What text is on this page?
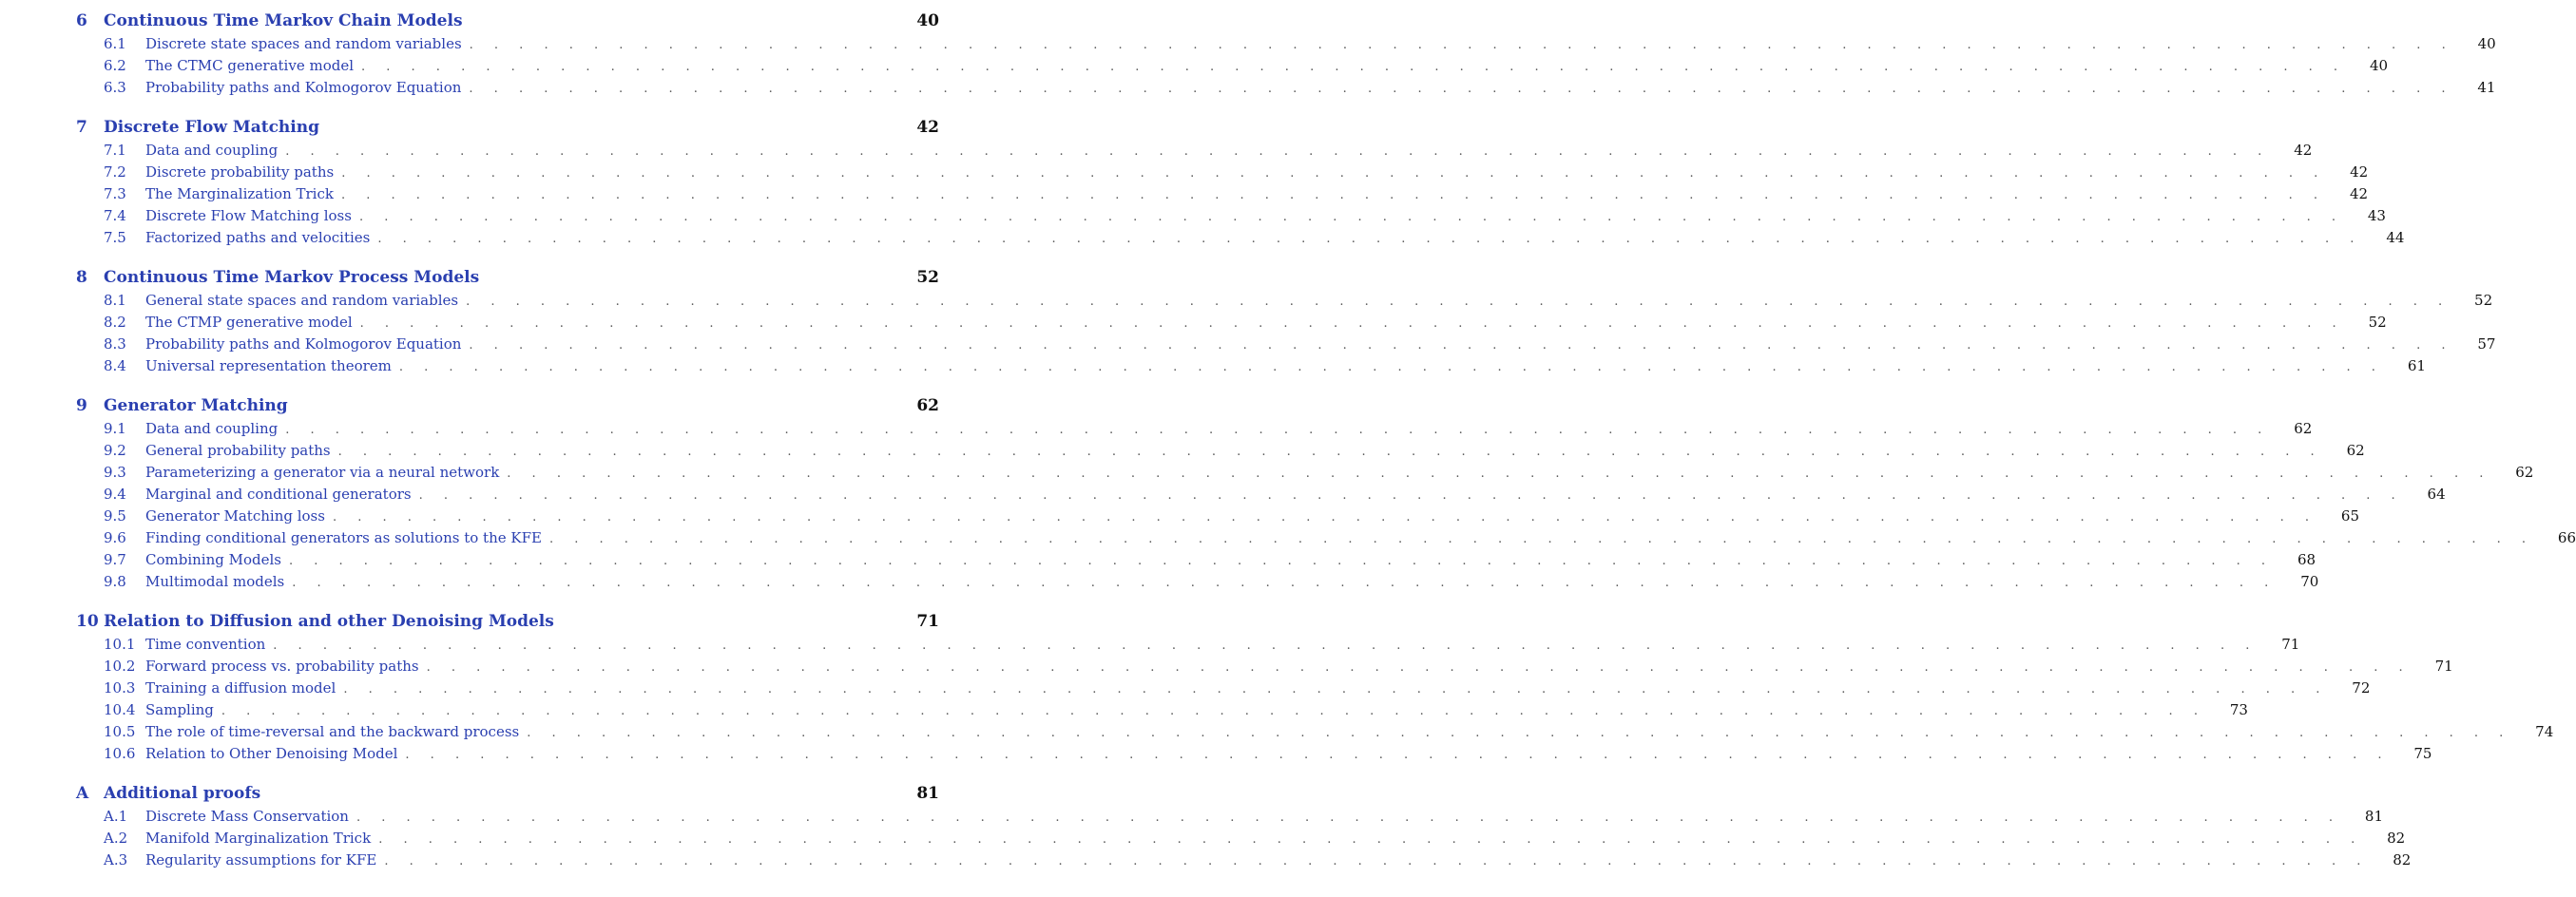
6	Continuous Time Markov Chain Models	40
6.1	Discrete state spaces and random variables . . . . . . . . . . . . . . . . . . . . . . . . . . . . . . . . . . . . . . . . . . . . . . . . . . . . . . . . . . . . . . . . . . . . . . . . . . . . . . . .	40
6.2	The CTMC generative model . . . . . . . . . . . . . . . . . . . . . . . . . . . . . . . . . . . . . . . . . . . . . . . . . . . . . . . . . . . . . . . . . . . . . . . . . . . . . . . .	40
6.3	Probability paths and Kolmogorov Equation . . . . . . . . . . . . . . . . . . . . . . . . . . . . . . . . . . . . . . . . . . . . . . . . . . . . . . . . . . . . . . . . . . . . . . . . . . . . . . . .	41
7	Discrete Flow Matching	42
7.1	Data and coupling . . . . . . . . . . . . . . . . . . . . . . . . . . . . . . . . . . . . . . . . . . . . . . . . . . . . . . . . . . . . . . . . . . . . . . . . . . . . . . . .	42
7.2	Discrete probability paths . . . . . . . . . . . . . . . . . . . . . . . . . . . . . . . . . . . . . . . . . . . . . . . . . . . . . . . . . . . . . . . . . . . . . . . . . . . . . . . .	42
7.3	The Marginalization Trick . . . . . . . . . . . . . . . . . . . . . . . . . . . . . . . . . . . . . . . . . . . . . . . . . . . . . . . . . . . . . . . . . . . . . . . . . . . . . . . .	42
7.4	Discrete Flow Matching loss . . . . . . . . . . . . . . . . . . . . . . . . . . . . . . . . . . . . . . . . . . . . . . . . . . . . . . . . . . . . . . . . . . . . . . . . . . . . . . . .	43
7.5	Factorized paths and velocities . . . . . . . . . . . . . . . . . . . . . . . . . . . . . . . . . . . . . . . . . . . . . . . . . . . . . . . . . . . . . . . . . . . . . . . . . . . . . . . .	44
8	Continuous Time Markov Process Models	52
8.1	General state spaces and random variables . . . . . . . . . . . . . . . . . . . . . . . . . . . . . . . . . . . . . . . . . . . . . . . . . . . . . . . . . . . . . . . . . . . . . . . . . . . . . . . .	52
8.2	The CTMP generative model . . . . . . . . . . . . . . . . . . . . . . . . . . . . . . . . . . . . . . . . . . . . . . . . . . . . . . . . . . . . . . . . . . . . . . . . . . . . . . . .	52
8.3	Probability paths and Kolmogorov Equation . . . . . . . . . . . . . . . . . . . . . . . . . . . . . . . . . . . . . . . . . . . . . . . . . . . . . . . . . . . . . . . . . . . . . . . . . . . . . . . .	57
8.4	Universal representation theorem . . . . . . . . . . . . . . . . . . . . . . . . . . . . . . . . . . . . . . . . . . . . . . . . . . . . . . . . . . . . . . . . . . . . . . . . . . . . . . . .	61
9	Generator Matching	62
9.1	Data and coupling . . . . . . . . . . . . . . . . . . . . . . . . . . . . . . . . . . . . . . . . . . . . . . . . . . . . . . . . . . . . . . . . . . . . . . . . . . . . . . . .	62
9.2	General probability paths . . . . . . . . . . . . . . . . . . . . . . . . . . . . . . . . . . . . . . . . . . . . . . . . . . . . . . . . . . . . . . . . . . . . . . . . . . . . . . . .	62
9.3	Parameterizing a generator via a neural network . . . . . . . . . . . . . . . . . . . . . . . . . . . . . . . . . . . . . . . . . . . . . . . . . . . . . . . . . . . . . . . . . . . . . . . . . . . . . . . .	62
9.4	Marginal and conditional generators . . . . . . . . . . . . . . . . . . . . . . . . . . . . . . . . . . . . . . . . . . . . . . . . . . . . . . . . . . . . . . . . . . . . . . . . . . . . . . . .	64
9.5	Generator Matching loss . . . . . . . . . . . . . . . . . . . . . . . . . . . . . . . . . . . . . . . . . . . . . . . . . . . . . . . . . . . . . . . . . . . . . . . . . . . . . . . .	65
9.6	Finding conditional generators as solutions to the KFE . . . . . . . . . . . . . . . . . . . . . . . . . . . . . . . . . . . . . . . . . . . . . . . . . . . . . . . . . . . . . . . . . . . . . . . . . . . . . . . .	66
9.7	Combining Models . . . . . . . . . . . . . . . . . . . . . . . . . . . . . . . . . . . . . . . . . . . . . . . . . . . . . . . . . . . . . . . . . . . . . . . . . . . . . . . .	68
9.8	Multimodal models . . . . . . . . . . . . . . . . . . . . . . . . . . . . . . . . . . . . . . . . . . . . . . . . . . . . . . . . . . . . . . . . . . . . . . . . . . . . . . . .	70
10 Relation to Diffusion and other Denoising Models	71
10.1 Time convention . . . . . . . . . . . . . . . . . . . . . . . . . . . . . . . . . . . . . . . . . . . . . . . . . . . . . . . . . . . . . . . . . . . . . . . . . . . . . . . .	71
10.2 Forward process vs. probability paths . . . . . . . . . . . . . . . . . . . . . . . . . . . . . . . . . . . . . . . . . . . . . . . . . . . . . . . . . . . . . . . . . . . . . . . . . . . . . . . .	71
10.3 Training a diffusion model . . . . . . . . . . . . . . . . . . . . . . . . . . . . . . . . . . . . . . . . . . . . . . . . . . . . . . . . . . . . . . . . . . . . . . . . . . . . . . . .	72
10.4 Sampling . . . . . . . . . . . . . . . . . . . . . . . . . . . . . . . . . . . . . . . . . . . . . . . . . . . . . . . . . . . . . . . . . . . . . . . . . . . . . . . .	73
10.5 The role of time-reversal and the backward process . . . . . . . . . . . . . . . . . . . . . . . . . . . . . . . . . . . . . . . . . . . . . . . . . . . . . . . . . . . . . . . . . . . . . . . . . . . . . . . .	74
10.6 Relation to Other Denoising Model . . . . . . . . . . . . . . . . . . . . . . . . . . . . . . . . . . . . . . . . . . . . . . . . . . . . . . . . . . . . . . . . . . . . . . . . . . . . . . . .	75
A Additional proofs	81
A.1	Discrete Mass Conservation . . . . . . . . . . . . . . . . . . . . . . . . . . . . . . . . . . . . . . . . . . . . . . . . . . . . . . . . . . . . . . . . . . . . . . . . . . . . . . . .	81
A.2	Manifold Marginalization Trick . . . . . . . . . . . . . . . . . . . . . . . . . . . . . . . . . . . . . . . . . . . . . . . . . . . . . . . . . . . . . . . . . . . . . . . . . . . . . . . .	82
A.3	Regularity assumptions for KFE . . . . . . . . . . . . . . . . . . . . . . . . . . . . . . . . . . . . . . . . . . . . . . . . . . . . . . . . . . . . . . . . . . . . . . . . . . . . . . . .	82
